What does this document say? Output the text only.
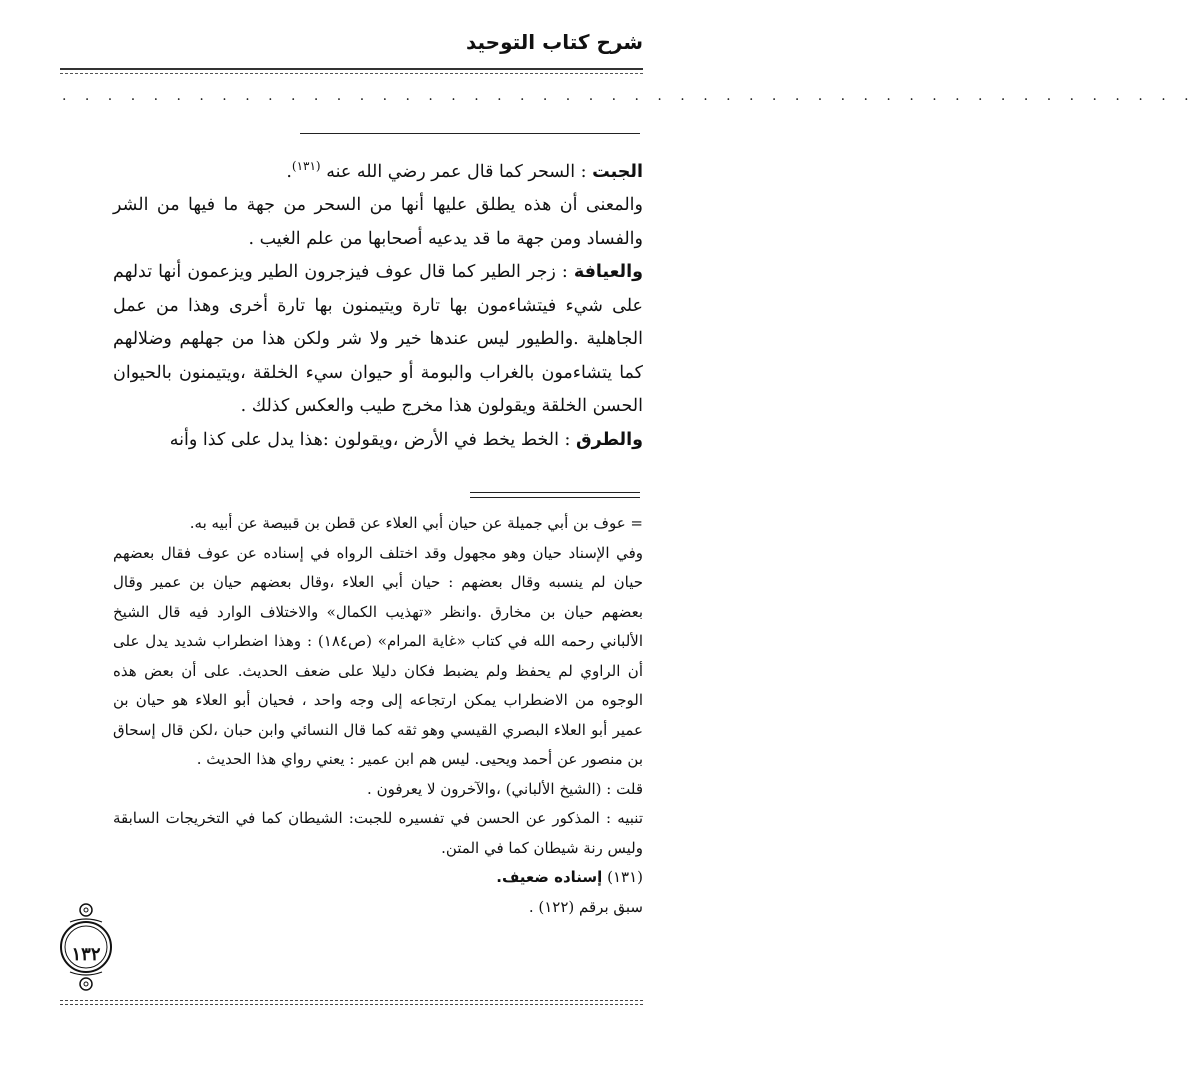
شرح كتاب التوحيد
. . . . . . . . . . . . . . . . . . . . . . . . . . . . . . . . . . . . . . . . . . . . . . . . . .

الجبت : السحر كما قال عمر رضي الله عنه $^{(١٣١)}$.

والمعنى أن هذه يطلق عليها أنها من السحر من جهة ما فيها من الشر والفساد ومن جهة ما قد يدعيه أصحابها من علم الغيب .

والعيافة : زجر الطير كما قال عوف فيزجرون الطير ويزعمون أنها تدلهم على شيء فيتشاءمون بها تارة ويتيمنون بها تارة أخرى وهذا من عمل الجاهلية .والطيور ليس عندها خير ولا شر ولكن هذا من جهلهم وضلالهم كما يتشاءمون بالغراب والبومة أو حيوان سيء الخلقة ،ويتيمنون بالحيوان الحسن الخلقة ويقولون هذا مخرج طيب والعكس كذلك .

والطرق : الخط يخط في الأرض ،ويقولون :هذا يدل على كذا وأنه

= عوف بن أبي جميلة عن حيان أبي العلاء عن قطن بن قبيصة عن أبيه به.

وفي الإسناد حيان وهو مجهول وقد اختلف الرواه في إسناده عن عوف فقال بعضهم حيان لم ينسبه وقال بعضهم : حيان أبي العلاء ،وقال بعضهم حيان بن عمير وقال بعضهم حيان بن مخارق .وانظر «تهذيب الكمال» والاختلاف الوارد فيه قال الشيخ الألباني رحمه الله في كتاب «غاية المرام» (ص١٨٤) : وهذا اضطراب شديد يدل على أن الراوي لم يحفظ ولم يضبط فكان دليلا على ضعف الحديث. على أن بعض هذه الوجوه من الاضطراب يمكن ارتجاعه إلى وجه واحد ، فحيان أبو العلاء هو حيان بن عمير أبو العلاء البصري القيسي وهو ثقه كما قال النسائي وابن حبان ،لكن قال إسحاق بن منصور عن أحمد ويحيى. ليس هم ابن عمير : يعني رواي هذا الحديث .

قلت : (الشيخ الألباني) ،والآخرون لا يعرفون .

تنبيه : المذكور عن الحسن في تفسيره للجبت: الشيطان كما في التخريجات السابقة وليس رنة شيطان كما في المتن.

(١٣١) إسناده ضعيف.

سبق برقم (١٢٢) .

١٣٢
